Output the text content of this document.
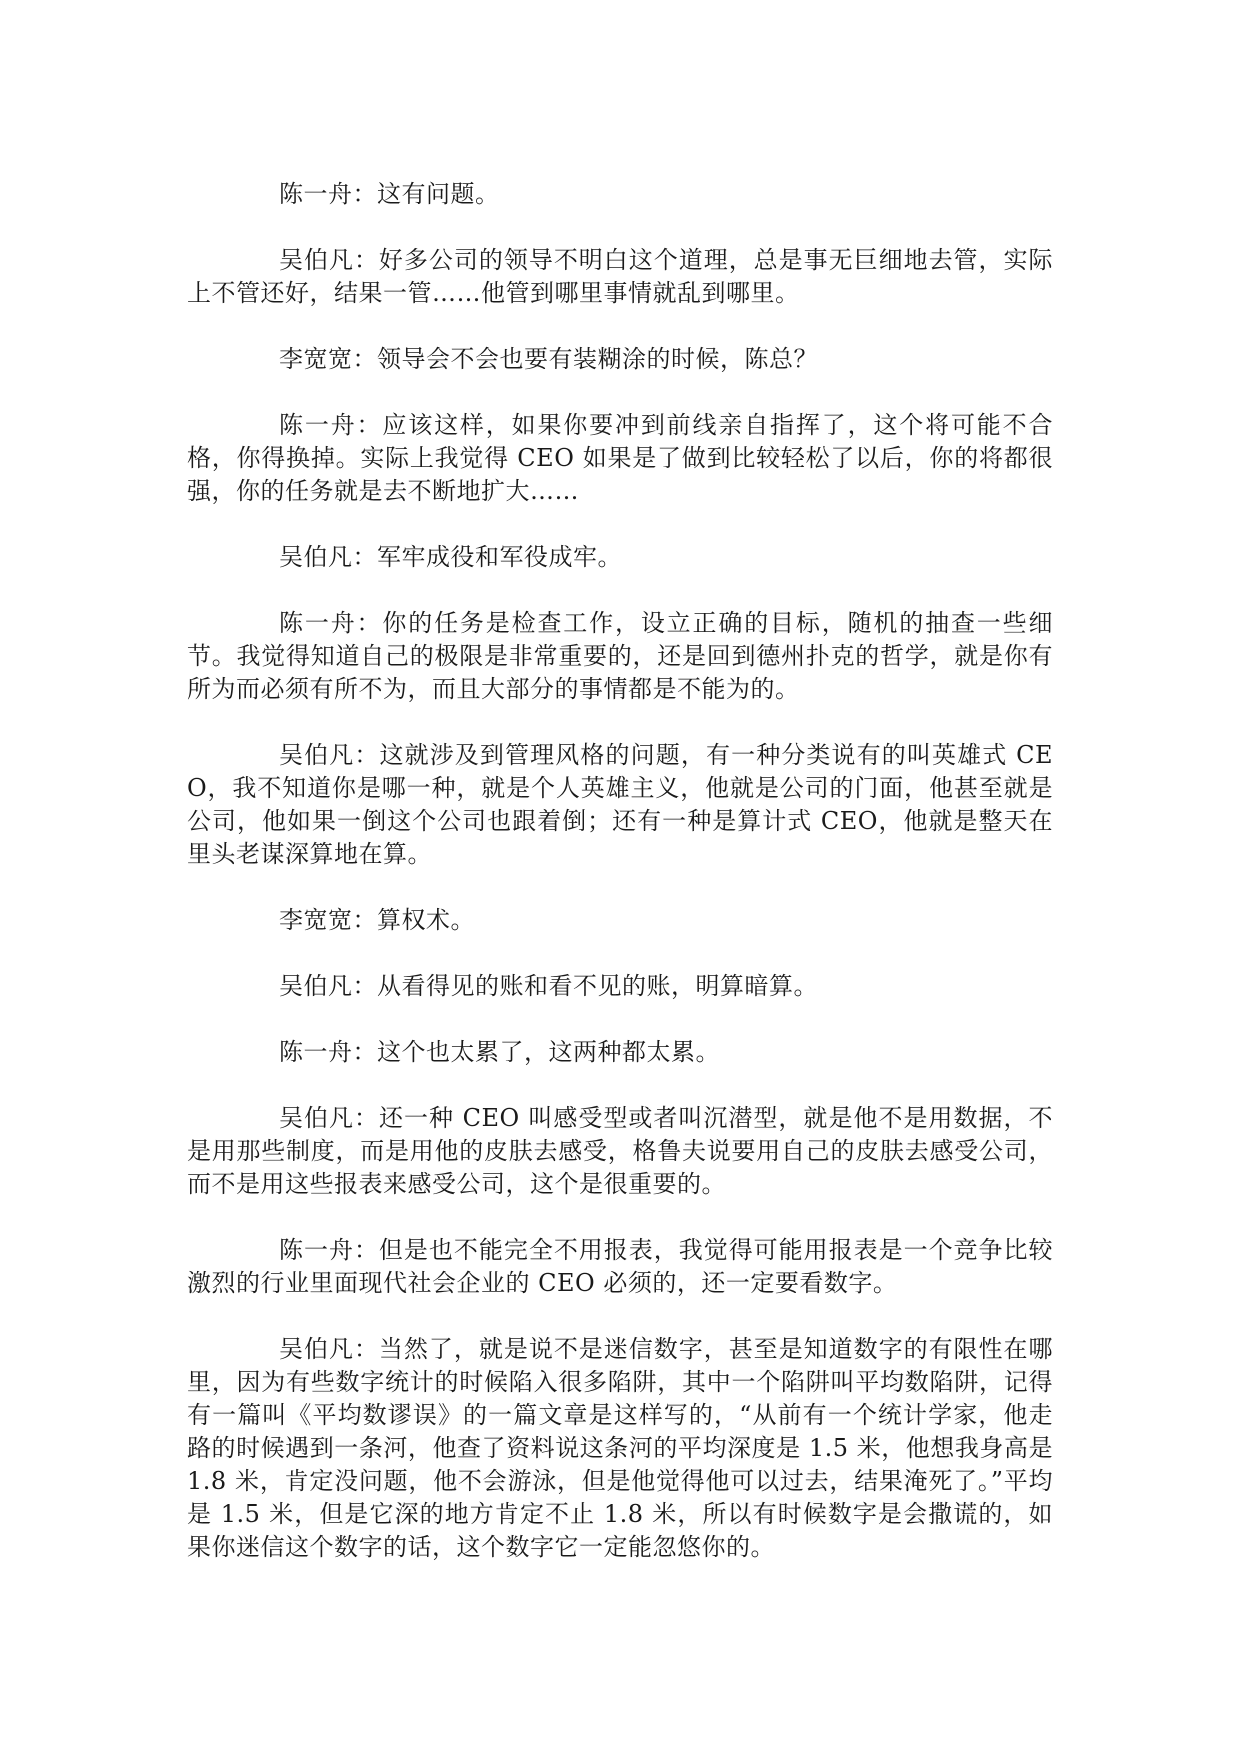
陈一舟：这有问题。

吴伯凡：好多公司的领导不明白这个道理，总是事无巨细地去管，实际上不管还好，结果一管……他管到哪里事情就乱到哪里。

李宽宽：领导会不会也要有装糊涂的时候，陈总？

陈一舟：应该这样，如果你要冲到前线亲自指挥了，这个将可能不合格，你得换掉。实际上我觉得 CEO 如果是了做到比较轻松了以后，你的将都很强，你的任务就是去不断地扩大……

吴伯凡：军牢成役和军役成牢。

陈一舟：你的任务是检查工作，设立正确的目标，随机的抽查一些细节。我觉得知道自己的极限是非常重要的，还是回到德州扑克的哲学，就是你有所为而必须有所不为，而且大部分的事情都是不能为的。

吴伯凡：这就涉及到管理风格的问题，有一种分类说有的叫英雄式 CEO，我不知道你是哪一种，就是个人英雄主义，他就是公司的门面，他甚至就是公司，他如果一倒这个公司也跟着倒；还有一种是算计式 CEO，他就是整天在里头老谋深算地在算。

李宽宽：算权术。

吴伯凡：从看得见的账和看不见的账，明算暗算。

陈一舟：这个也太累了，这两种都太累。

吴伯凡：还一种 CEO 叫感受型或者叫沉潜型，就是他不是用数据，不是用那些制度，而是用他的皮肤去感受，格鲁夫说要用自己的皮肤去感受公司，而不是用这些报表来感受公司，这个是很重要的。

陈一舟：但是也不能完全不用报表，我觉得可能用报表是一个竞争比较激烈的行业里面现代社会企业的 CEO 必须的，还一定要看数字。

吴伯凡：当然了，就是说不是迷信数字，甚至是知道数字的有限性在哪里，因为有些数字统计的时候陷入很多陷阱，其中一个陷阱叫平均数陷阱，记得有一篇叫《平均数谬误》的一篇文章是这样写的，“从前有一个统计学家，他走路的时候遇到一条河，他查了资料说这条河的平均深度是 1.5 米，他想我身高是 1.8 米，肯定没问题，他不会游泳，但是他觉得他可以过去，结果淹死了。”平均是 1.5 米，但是它深的地方肯定不止 1.8 米，所以有时候数字是会撒谎的，如果你迷信这个数字的话，这个数字它一定能忽悠你的。
